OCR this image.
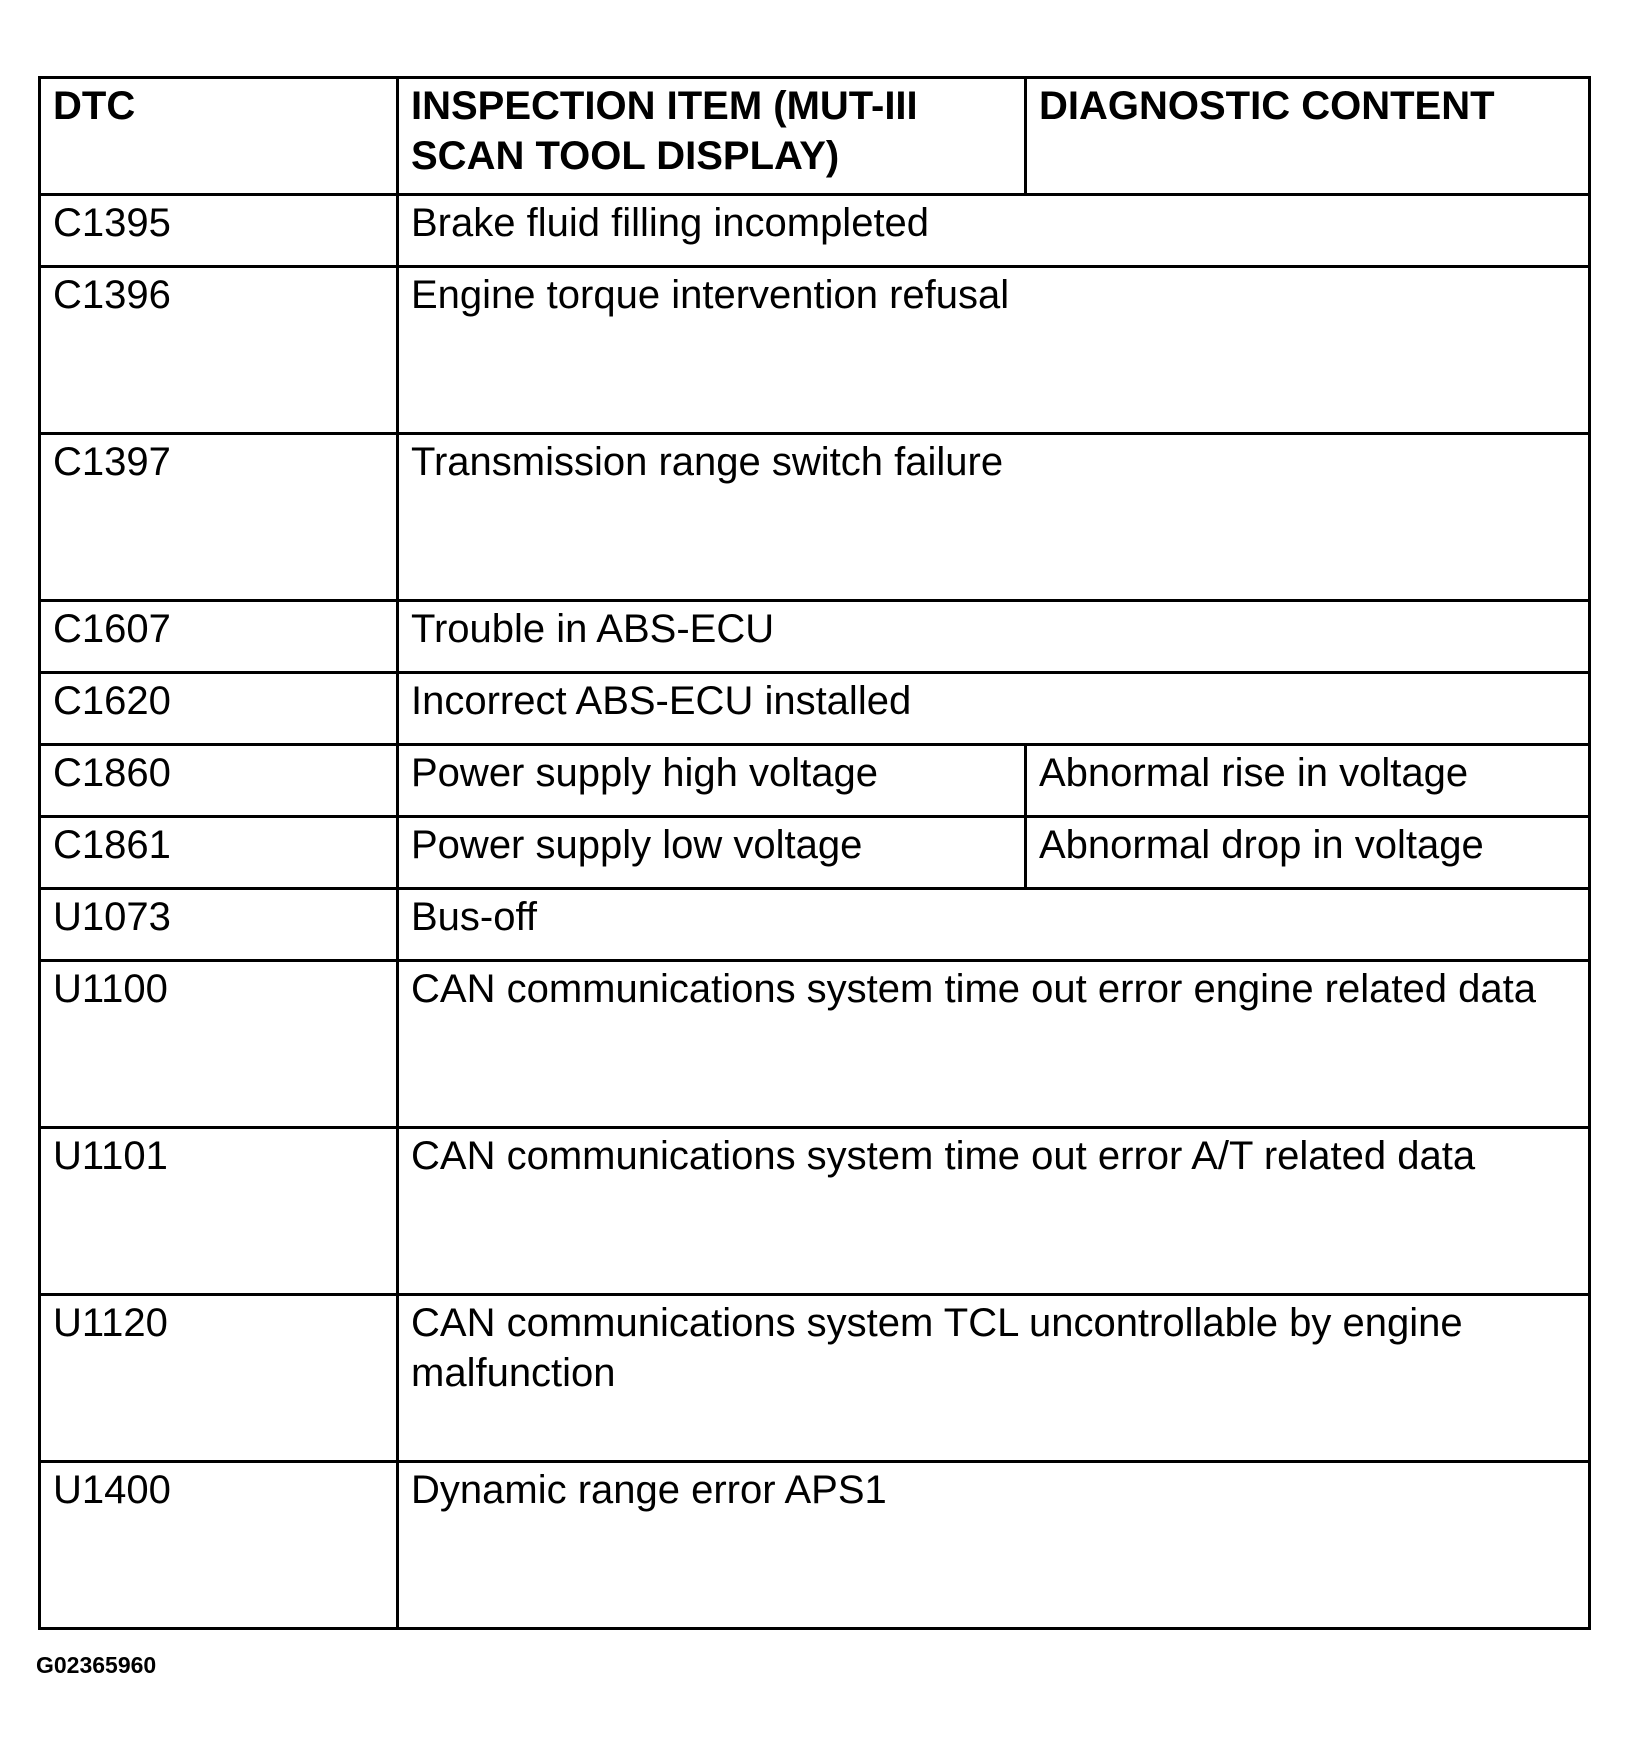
DTC	INSPECTION ITEM (MUT-III SCAN TOOL DISPLAY)	DIAGNOSTIC CONTENT
C1395	Brake fluid filling incompleted	
C1396	Engine torque intervention refusal	
C1397	Transmission range switch failure	
C1607	Trouble in ABS-ECU	
C1620	Incorrect ABS-ECU installed	
C1860	Power supply high voltage	Abnormal rise in voltage
C1861	Power supply low voltage	Abnormal drop in voltage
U1073	Bus-off	
U1100	CAN communications system time out error engine related data	
U1101	CAN communications system time out error A/T related data	
U1120	CAN communications system TCL uncontrollable by engine malfunction	
U1400	Dynamic range error APS1	
G02365960
